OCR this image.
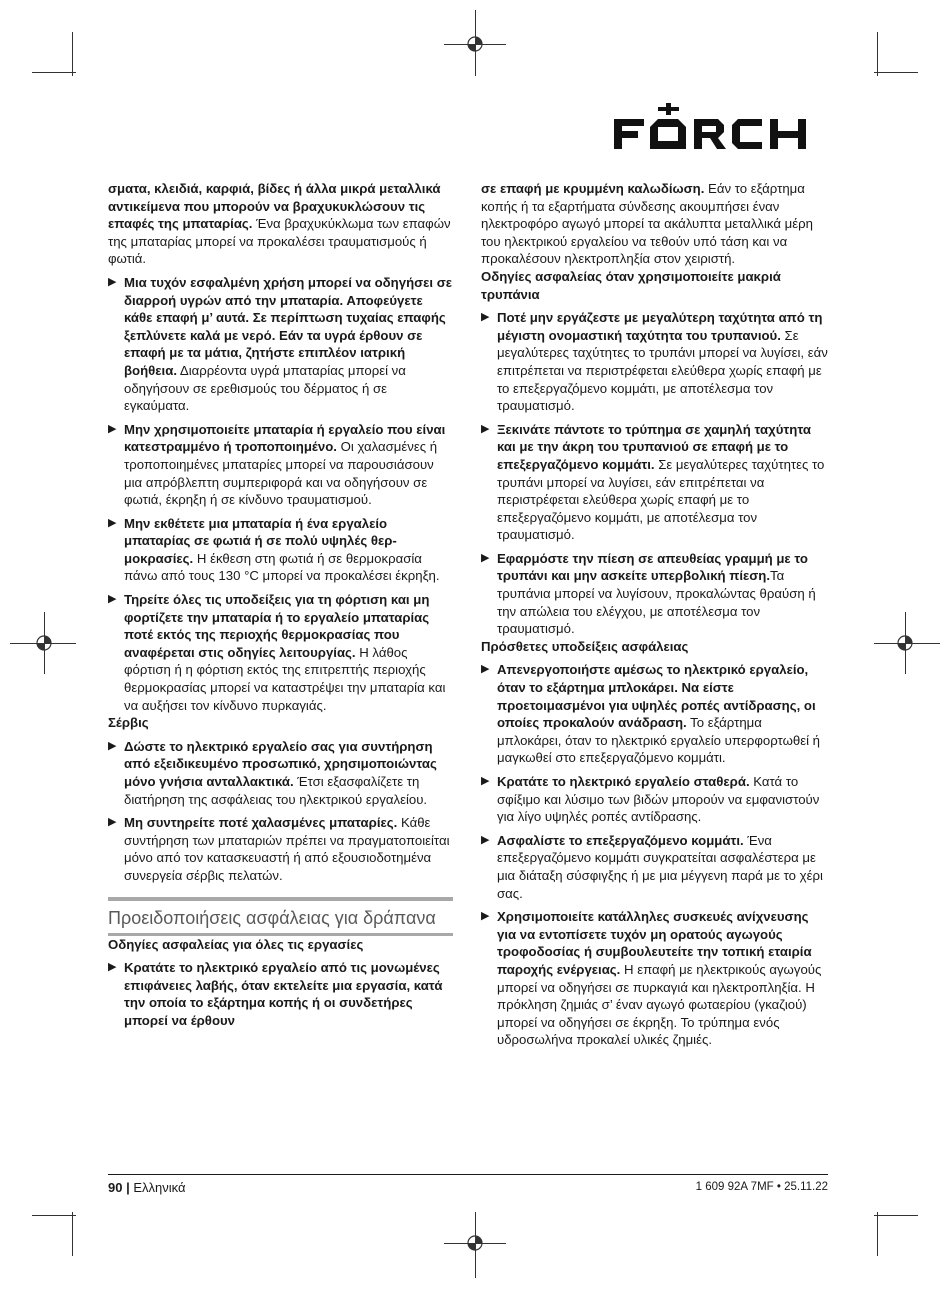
σματα, κλειδιά, καρφιά, βίδες ή άλλα μικρά μεταλλικά αντικείμενα που μπορούν να βραχυκυκλώσουν τις επαφές της μπαταρίας. Ένα βραχυκύκλωμα των επαφών της μπαταρίας μπορεί να προκαλέσει τραυματισμούς ή φωτιά.

▶ Μια τυχόν εσφαλμένη χρήση μπορεί να οδηγήσει σε διαρροή υγρών από την μπαταρία. Αποφεύγετε κάθε επαφή μ’ αυτά. Σε περίπτωση τυχαίας επαφής ξεπλύνετε καλά με νερό. Εάν τα υγρά έρθουν σε επαφή με τα μάτια, ζητήστε επιπλέον ιατρική βοήθεια. Διαρρέοντα υγρά μπαταρίας μπορεί να οδηγήσουν σε ερεθισμούς του δέρματος ή σε εγκαύματα.
▶ Μην χρησιμοποιείτε μπαταρία ή εργαλείο που είναι κατεστραμμένο ή τροποποιημένο. Οι χαλασμένες ή τροποποιημένες μπαταρίες μπορεί να παρουσιάσουν μια απρόβλεπτη συμπεριφορά και να οδηγήσουν σε φωτιά, έκρηξη ή σε κίνδυνο τραυματισμού.
▶ Μην εκθέτετε μια μπαταρία ή ένα εργαλείο μπαταρίας σε φωτιά ή σε πολύ υψηλές θερμοκρασίες. Η έκθεση στη φωτιά ή σε θερμοκρασία πάνω από τους 130 °C μπορεί να προκαλέσει έκρηξη.
▶ Τηρείτε όλες τις υποδείξεις για τη φόρτιση και μη φορτίζετε την μπαταρία ή το εργαλείο μπαταρίας ποτέ εκτός της περιοχής θερμοκρασίας που αναφέρεται στις οδηγίες λειτουργίας. Η λάθος φόρτιση ή η φόρτιση εκτός της επιτρεπτής περιοχής θερμοκρασίας μπορεί να καταστρέψει την μπαταρία και να αυξήσει τον κίνδυνο πυρκαγιάς.

Σέρβις

▶ Δώστε το ηλεκτρικό εργαλείο σας για συντήρηση από εξειδικευμένο προσωπικό, χρησιμοποιώντας μόνο γνήσια ανταλλακτικά. Έτσι εξασφαλίζετε τη διατήρηση της ασφάλειας του ηλεκτρικού εργαλείου.
▶ Μη συντηρείτε ποτέ χαλασμένες μπαταρίες. Κάθε συντήρηση των μπαταριών πρέπει να πραγματοποιείται μόνο από τον κατασκευαστή ή από εξουσιοδοτημένα συνεργεία σέρβις πελατών.
Προειδοποιήσεις ασφάλειας για δράπανα

Οδηγίες ασφαλείας για όλες τις εργασίες

▶ Κρατάτε το ηλεκτρικό εργαλείο από τις μονωμένες επιφάνειες λαβής, όταν εκτελείτε μια εργασία, κατά την οποία το εξάρτημα κοπής ή οι συνδετήρες μπορεί να έρθουν

σε επαφή με κρυμμένη καλωδίωση. Εάν το εξάρτημα κοπής ή τα εξαρτήματα σύνδεσης ακουμπήσει έναν ηλεκτροφόρο αγωγό μπορεί τα ακάλυπτα μεταλλικά μέρη του ηλεκτρικού εργαλείου να τεθούν υπό τάση και να προκαλέσουν ηλεκτροπληξία στον χειριστή.

Οδηγίες ασφαλείας όταν χρησιμοποιείτε μακριά τρυπάνια

▶ Ποτέ μην εργάζεστε με μεγαλύτερη ταχύτητα από τη μέγιστη ονομαστική ταχύτητα του τρυπανιού. Σε μεγαλύτερες ταχύτητες το τρυπάνι μπορεί να λυγίσει, εάν επιτρέπεται να περιστρέφεται ελεύθερα χωρίς επαφή με το επεξεργαζόμενο κομμάτι, με αποτέλεσμα τον τραυματισμό.
▶ Ξεκινάτε πάντοτε το τρύπημα σε χαμηλή ταχύτητα και με την άκρη του τρυπανιού σε επαφή με το επεξεργαζόμενο κομμάτι. Σε μεγαλύτερες ταχύτητες το τρυπάνι μπορεί να λυγίσει, εάν επιτρέπεται να περιστρέφεται ελεύθερα χωρίς επαφή με το επεξεργαζόμενο κομμάτι, με αποτέλεσμα τον τραυματισμό.
▶ Εφαρμόστε την πίεση σε απευθείας γραμμή με το τρυπάνι και μην ασκείτε υπερβολική πίεση.Τα τρυπάνια μπορεί να λυγίσουν, προκαλώντας θραύση ή την απώλεια του ελέγχου, με αποτέλεσμα τον τραυματισμό.

Πρόσθετες υποδείξεις ασφάλειας

▶ Απενεργοποιήστε αμέσως το ηλεκτρικό εργαλείο, όταν το εξάρτημα μπλοκάρει. Να είστε προετοιμασμένοι για υψηλές ροπές αντίδρασης, οι οποίες προκαλούν ανάδραση. Το εξάρτημα μπλοκάρει, όταν το ηλεκτρικό εργαλείο υπερφορτωθεί ή μαγκωθεί στο επεξεργαζόμενο κομμάτι.
▶ Κρατάτε το ηλεκτρικό εργαλείο σταθερά. Κατά το σφίξιμο και λύσιμο των βιδών μπορούν να εμφανιστούν για λίγο υψηλές ροπές αντίδρασης.
▶ Ασφαλίστε το επεξεργαζόμενο κομμάτι. Ένα επεξεργαζόμενο κομμάτι συγκρατείται ασφαλέστερα με μια διάταξη σύσφιγξης ή με μια μέγγενη παρά με το χέρι σας.
▶ Χρησιμοποιείτε κατάλληλες συσκευές ανίχνευσης για να εντοπίσετε τυχόν μη ορατούς αγωγούς τροφοδοσίας ή συμβουλευτείτε την τοπική εταιρία παροχής ενέργειας. Η επαφή με ηλεκτρικούς αγωγούς μπορεί να οδηγήσει σε πυρκαγιά και ηλεκτροπληξία. Η πρόκληση ζημιάς σ’ έναν αγωγό φωταερίου (γκαζιού) μπορεί να οδηγήσει σε έκρηξη. Το τρύπημα ενός υδροσωλήνα προκαλεί υλικές ζημιές.
90 | Ελληνικά	1 609 92A 7MF • 25.11.22
